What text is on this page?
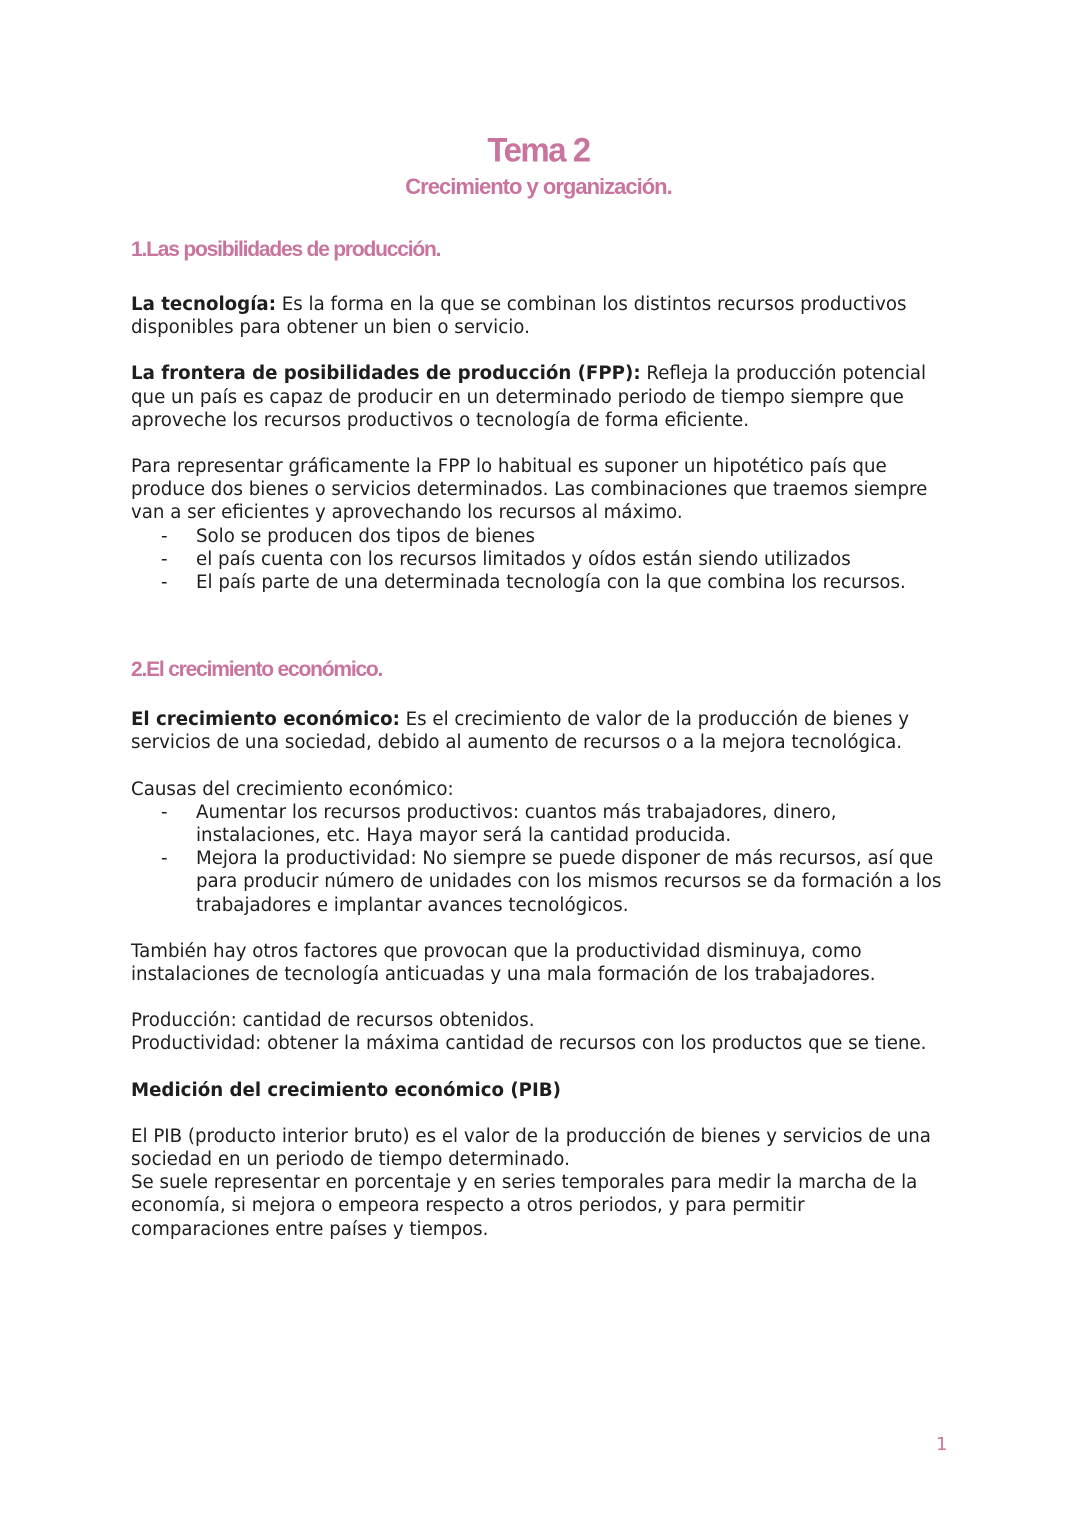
Tema 2
Crecimiento y organización.
1.Las posibilidades de producción.

La tecnología: Es la forma en la que se combinan los distintos recursos productivos disponibles para obtener un bien o servicio.

La frontera de posibilidades de producción (FPP): Refleja la producción potencial que un país es capaz de producir en un determinado periodo de tiempo siempre que aproveche los recursos productivos o tecnología de forma eficiente.

Para representar gráficamente la FPP lo habitual es suponer un hipotético país que produce dos bienes o servicios determinados. Las combinaciones que traemos siempre van a ser eficientes y aprovechando los recursos al máximo.

- Solo se producen dos tipos de bienes
- el país cuenta con los recursos limitados y oídos están siendo utilizados
- El país parte de una determinada tecnología con la que combina los recursos.
2.El crecimiento económico.

El crecimiento económico: Es el crecimiento de valor de la producción de bienes y servicios de una sociedad, debido al aumento de recursos o a la mejora tecnológica.

Causas del crecimiento económico:

- Aumentar los recursos productivos: cuantos más trabajadores, dinero, instalaciones, etc. Haya mayor será la cantidad producida.
- Mejora la productividad: No siempre se puede disponer de más recursos, así que para producir número de unidades con los mismos recursos se da formación a los trabajadores e implantar avances tecnológicos.

También hay otros factores que provocan que la productividad disminuya, como instalaciones de tecnología anticuadas y una mala formación de los trabajadores.

Producción: cantidad de recursos obtenidos.

Productividad: obtener la máxima cantidad de recursos con los productos que se tiene.

Medición del crecimiento económico (PIB)

El PIB (producto interior bruto) es el valor de la producción de bienes y servicios de una sociedad en un periodo de tiempo determinado.

Se suele representar en porcentaje y en series temporales para medir la marcha de la economía, si mejora o empeora respecto a otros periodos, y para permitir comparaciones entre países y tiempos.

1
